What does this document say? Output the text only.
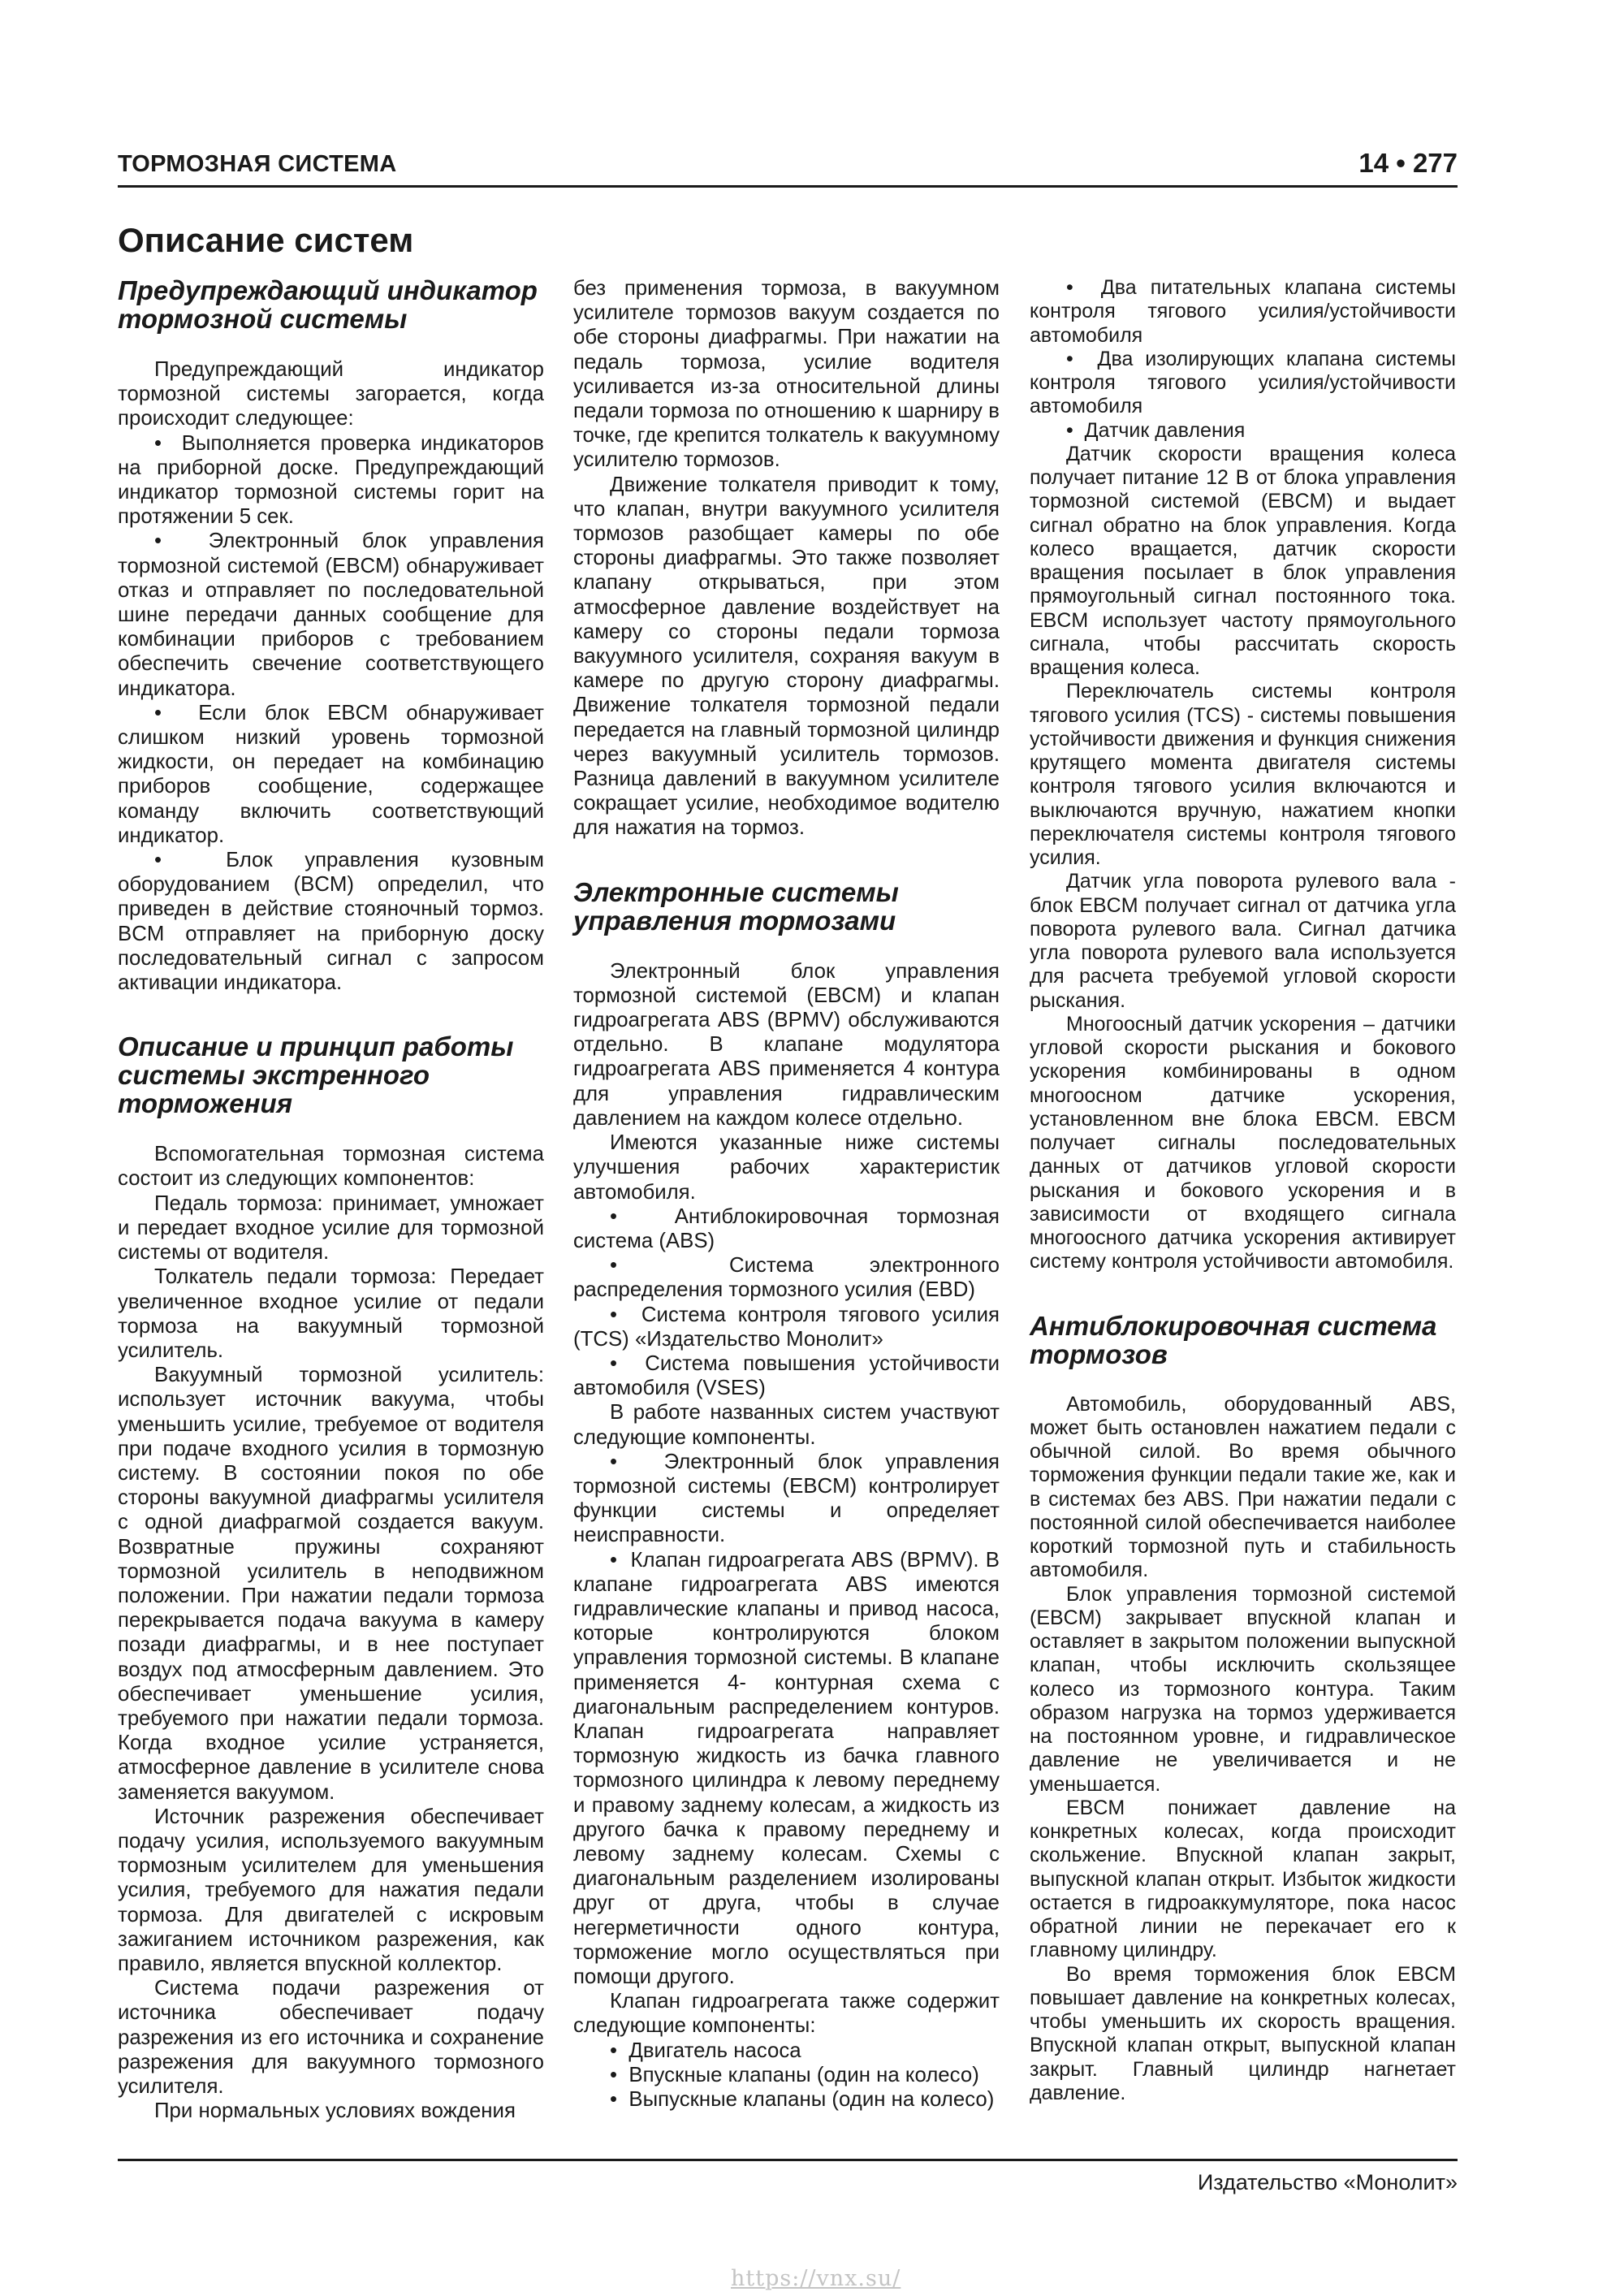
ТОРМОЗНАЯ СИСТЕМА	14 • 277
Описание систем
Предупреждающий индикатор тормозной системы

Предупреждающий индикатор тормозной системы загорается, когда происходит следующее:

•  Выполняется проверка индикаторов на приборной доске. Предупреждающий индикатор тормозной системы горит на протяжении 5 сек.

•  Электронный блок управления тормозной системой (EBCM) обнаруживает отказ и отправляет по последовательной шине передачи данных сообщение для комбинации приборов с требованием обеспечить свечение соответствующего индикатора.

•  Если блок EBCM обнаруживает слишком низкий уровень тормозной жидкости, он передает на комбинацию приборов сообщение, содержащее команду включить соответствующий индикатор.

•  Блок управления кузовным оборудованием (BCM) определил, что приведен в действие стояночный тормоз. BCM отправляет на приборную доску последовательный сигнал с запросом активации индикатора.

Описание и принцип работы системы экстренного торможения

Вспомогательная тормозная система состоит из следующих компонентов:

Педаль тормоза: принимает, умножает и передает входное усилие для тормозной системы от водителя.

Толкатель педали тормоза: Передает увеличенное входное усилие от педали тормоза на вакуумный тормозной усилитель.

Вакуумный тормозной усилитель: использует источник вакуума, чтобы уменьшить усилие, требуемое от водителя при подаче входного усилия в тормозную систему. В состоянии покоя по обе стороны вакуумной диафрагмы усилителя с одной диафрагмой создается вакуум. Возвратные пружины сохраняют тормозной усилитель в неподвижном положении. При нажатии педали тормоза перекрывается подача вакуума в камеру позади диафрагмы, и в нее поступает воздух под атмосферным давлением. Это обеспечивает уменьшение усилия, требуемого при нажатии педали тормоза. Когда входное усилие устраняется, атмосферное давление в усилителе снова заменяется вакуумом.

Источник разрежения обеспечивает подачу усилия, используемого вакуумным тормозным усилителем для уменьшения усилия, требуемого для нажатия педали тормоза. Для двигателей с искровым зажиганием источником разрежения, как правило, является впускной коллектор.

Система подачи разрежения от источника обеспечивает подачу разрежения из его источника и сохранение разрежения для вакуумного тормозного усилителя.

При нормальных условиях вождения

без применения тормоза, в вакуумном усилителе тормозов вакуум создается по обе стороны диафрагмы. При нажатии на педаль тормоза, усилие водителя усиливается из-за относительной длины педали тормоза по отношению к шарниру в точке, где крепится толкатель к вакуумному усилителю тормозов.

Движение толкателя приводит к тому, что клапан, внутри вакуумного усилителя тормозов разобщает камеры по обе стороны диафрагмы. Это также позволяет клапану открываться, при этом атмосферное давление воздействует на камеру со стороны педали тормоза вакуумного усилителя, сохраняя вакуум в камере по другую сторону диафрагмы. Движение толкателя тормозной педали передается на главный тормозной цилиндр через вакуумный усилитель тормозов. Разница давлений в вакуумном усилителе сокращает усилие, необходимое водителю для нажатия на тормоз.

Электронные системы управления тормозами

Электронный блок управления тормозной системой (EBCM) и клапан гидроагрегата ABS (BPMV) обслуживаются отдельно. В клапане модулятора гидроагрегата ABS применяется 4 контура для управления гидравлическим давлением на каждом колесе отдельно.

Имеются указанные ниже системы улучшения рабочих характеристик автомобиля.

•  Антиблокировочная тормозная система (ABS)

•  Система электронного распределения тормозного усилия (EBD)

•  Система контроля тягового усилия (TCS) «Издательство Монолит»

•  Система повышения устойчивости автомобиля (VSES)

В работе названных систем участвуют следующие компоненты.

•  Электронный блок управления тормозной системы (EBCM) контролирует функции системы и определяет неисправности.

•  Клапан гидроагрегата ABS (BPMV). В клапане гидроагрегата ABS имеются гидравлические клапаны и привод насоса, которые контролируются блоком управления тормозной системы. В клапане применяется 4- контурная схема с диагональным распределением контуров. Клапан гидроагрегата направляет тормозную жидкость из бачка главного тормозного цилиндра к левому переднему и правому заднему колесам, а жидкость из другого бачка к правому переднему и левому заднему колесам. Схемы с диагональным разделением изолированы друг от друга, чтобы в случае негерметичности одного контура, торможение могло осуществляться при помощи другого.

Клапан гидроагрегата также содержит следующие компоненты:

•  Двигатель насоса

•  Впускные клапаны (один на колесо)

•  Выпускные клапаны (один на колесо)

•  Два питательных клапана системы контроля тягового усилия/устойчивости автомобиля

•  Два изолирующих клапана системы контроля тягового усилия/устойчивости автомобиля

•  Датчик давления

Датчик скорости вращения колеса получает питание 12 В от блока управления тормозной системой (EBCM) и выдает сигнал обратно на блок управления. Когда колесо вращается, датчик скорости вращения посылает в блок управления прямоугольный сигнал постоянного тока. EBCM использует частоту прямоугольного сигнала, чтобы рассчитать скорость вращения колеса.

Переключатель системы контроля тягового усилия (TCS) - системы повышения устойчивости движения и функция снижения крутящего момента двигателя системы контроля тягового усилия включаются и выключаются вручную, нажатием кнопки переключателя системы контроля тягового усилия.

Датчик угла поворота рулевого вала - блок EBCM получает сигнал от датчика угла поворота рулевого вала. Сигнал датчика угла поворота рулевого вала используется для расчета требуемой угловой скорости рыскания.

Многоосный датчик ускорения – датчики угловой скорости рыскания и бокового ускорения комбинированы в одном многоосном датчике ускорения, установленном вне блока EBCM. EBCM получает сигналы последовательных данных от датчиков угловой скорости рыскания и бокового ускорения и в зависимости от входящего сигнала многоосного датчика ускорения активирует систему контроля устойчивости автомобиля.

Антиблокировочная система тормозов

Автомобиль, оборудованный ABS, может быть остановлен нажатием педали с обычной силой. Во время обычного торможения функции педали такие же, как и в системах без ABS. При нажатии педали с постоянной силой обеспечивается наиболее короткий тормозной путь и стабильность автомобиля.

Блок управления тормозной системой (EBCM) закрывает впускной клапан и оставляет в закрытом положении выпускной клапан, чтобы исключить скользящее колесо из тормозного контура. Таким образом нагрузка на тормоз удерживается на постоянном уровне, и гидравлическое давление не увеличивается и не уменьшается.

EBCM понижает давление на конкретных колесах, когда происходит скольжение. Впускной клапан закрыт, выпускной клапан открыт. Избыток жидкости остается в гидроаккумуляторе, пока насос обратной линии не перекачает его к главному цилиндру.

Во время торможения блок EBCM повышает давление на конкретных колесах, чтобы уменьшить их скорость вращения. Впускной клапан открыт, выпускной клапан закрыт. Главный цилиндр нагнетает давление.

Издательство «Монолит»
https://vnx.su/
